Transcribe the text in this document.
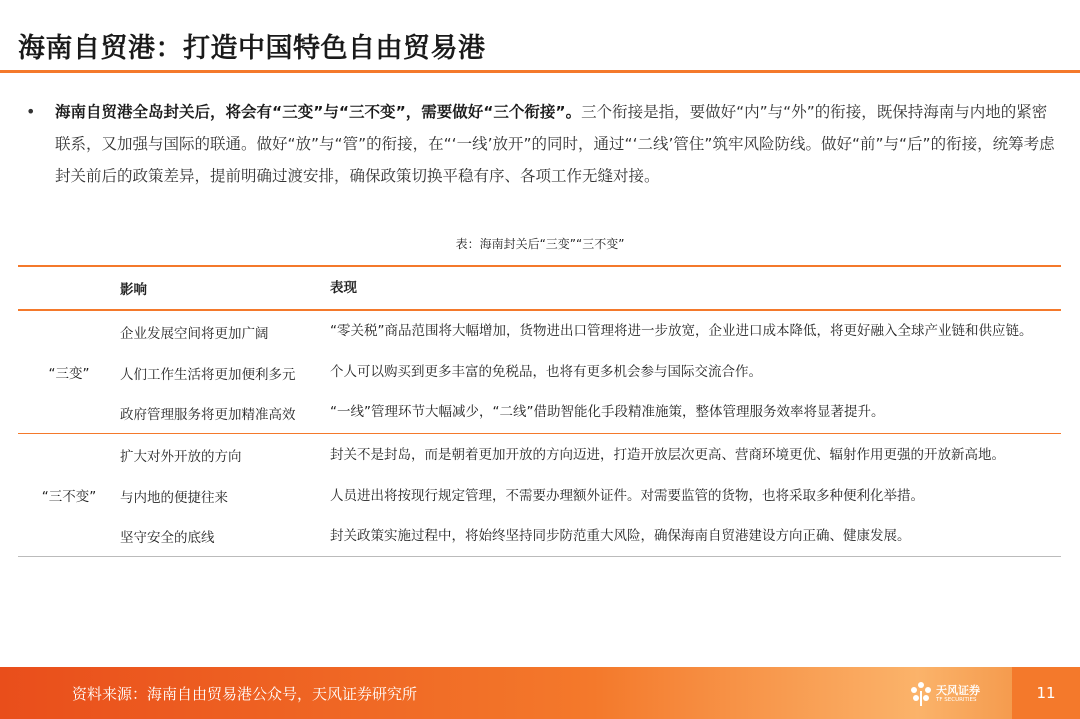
海南自贸港：打造中国特色自由贸易港
• 海南自贸港全岛封关后，将会有“三变”与“三不变”，需要做好“三个衔接”。三个衔接是指，要做好“内”与“外”的衔接，既保持海南与内地的紧密联系，又加强与国际的联通。做好“放”与“管”的衔接，在“‘一线’放开”的同时，通过“‘二线’管住”筑牢风险防线。做好“前”与“后”的衔接，统筹考虑封关前后的政策差异，提前明确过渡安排，确保政策切换平稳有序、各项工作无缝对接。
表：海南封关后“三变”“三不变”
影响	表现
“三变”
企业发展空间将更加广阔	“零关税”商品范围将大幅增加，货物进出口管理将进一步放宽，企业进口成本降低，将更好融入全球产业链和供应链。
人们工作生活将更加便利多元	个人可以购买到更多丰富的免税品，也将有更多机会参与国际交流合作。
政府管理服务将更加精准高效	“一线”管理环节大幅减少，“二线”借助智能化手段精准施策，整体管理服务效率将显著提升。
“三不变”
扩大对外开放的方向	封关不是封岛，而是朝着更加开放的方向迈进，打造开放层次更高、营商环境更优、辐射作用更强的开放新高地。
与内地的便捷往来	人员进出将按现行规定管理，不需要办理额外证件。对需要监管的货物，也将采取多种便利化举措。
坚守安全的底线	封关政策实施过程中，将始终坚持同步防范重大风险，确保海南自贸港建设方向正确、健康发展。
资料来源：海南自由贸易港公众号，天风证券研究所	天风证券
TF SECURITIES	11
